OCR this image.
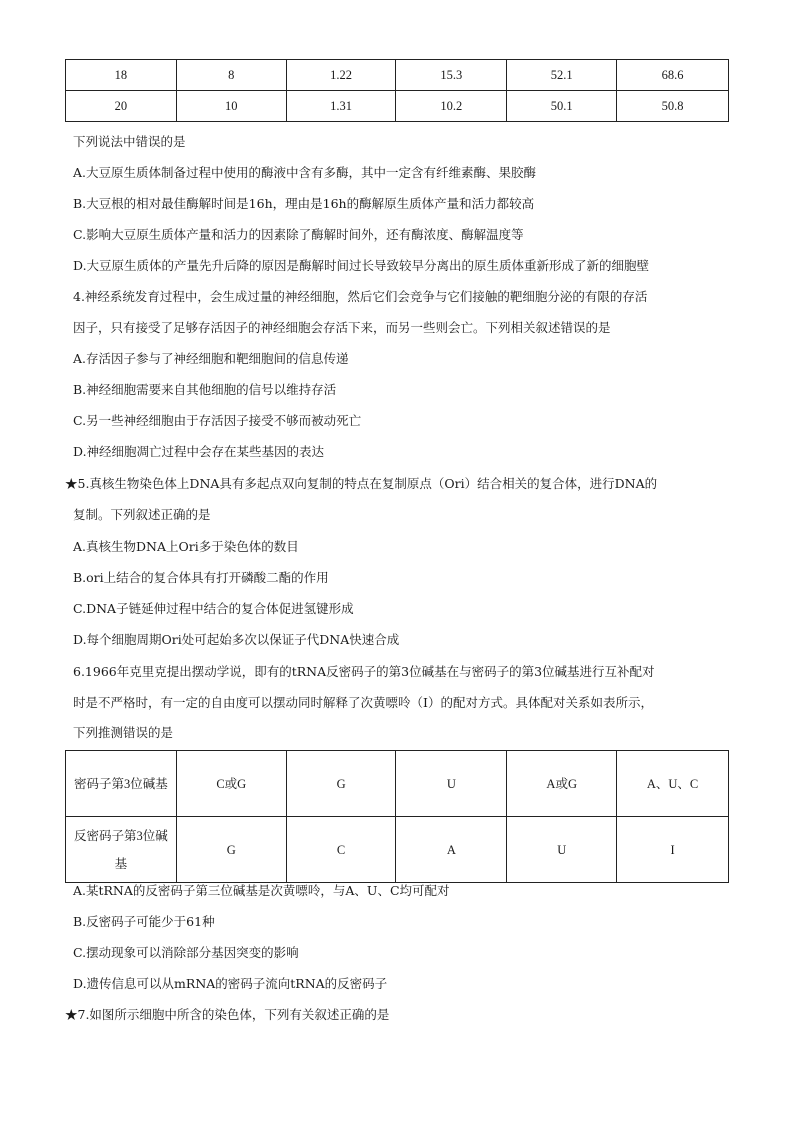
18	8	1.22	15.3	52.1	68.6
20	10	1.31	10.2	50.1	50.8

下列说法中错误的是

A.大豆原生质体制备过程中使用的酶液中含有多酶，其中一定含有纤维素酶、果胶酶

B.大豆根的相对最佳酶解时间是16h，理由是16h的酶解原生质体产量和活力都较高

C.影响大豆原生质体产量和活力的因素除了酶解时间外，还有酶浓度、酶解温度等

D.大豆原生质体的产量先升后降的原因是酶解时间过长导致较早分离出的原生质体重新形成了新的细胞壁

4.神经系统发育过程中，会生成过量的神经细胞，然后它们会竞争与它们接触的靶细胞分泌的有限的存活

因子，只有接受了足够存活因子的神经细胞会存活下来，而另一些则会亡。下列相关叙述错误的是

A.存活因子参与了神经细胞和靶细胞间的信息传递

B.神经细胞需要来自其他细胞的信号以维持存活

C.另一些神经细胞由于存活因子接受不够而被动死亡

D.神经细胞凋亡过程中会存在某些基因的表达

★5.真核生物染色体上DNA具有多起点双向复制的特点在复制原点（Ori）结合相关的复合体，进行DNA的

复制。下列叙述正确的是

A.真核生物DNA上Ori多于染色体的数目

B.ori上结合的复合体具有打开磷酸二酯的作用

C.DNA子链延伸过程中结合的复合体促进氢键形成

D.每个细胞周期Ori处可起始多次以保证子代DNA快速合成

6.1966年克里克提出摆动学说，即有的tRNA反密码子的第3位碱基在与密码子的第3位碱基进行互补配对

时是不严格时，有一定的自由度可以摆动同时解释了次黄嘌呤（I）的配对方式。具体配对关系如表所示，

下列推测错误的是

密码子第3位碱基	C或G	G	U	A或G	A、U、C
反密码子第3位碱基	G	C	A	U	I

A.某tRNA的反密码子第三位碱基是次黄嘌呤，与A、U、C均可配对

B.反密码子可能少于61种

C.摆动现象可以消除部分基因突变的影响

D.遗传信息可以从mRNA的密码子流向tRNA的反密码子

★7.如图所示细胞中所含的染色体，下列有关叙述正确的是
